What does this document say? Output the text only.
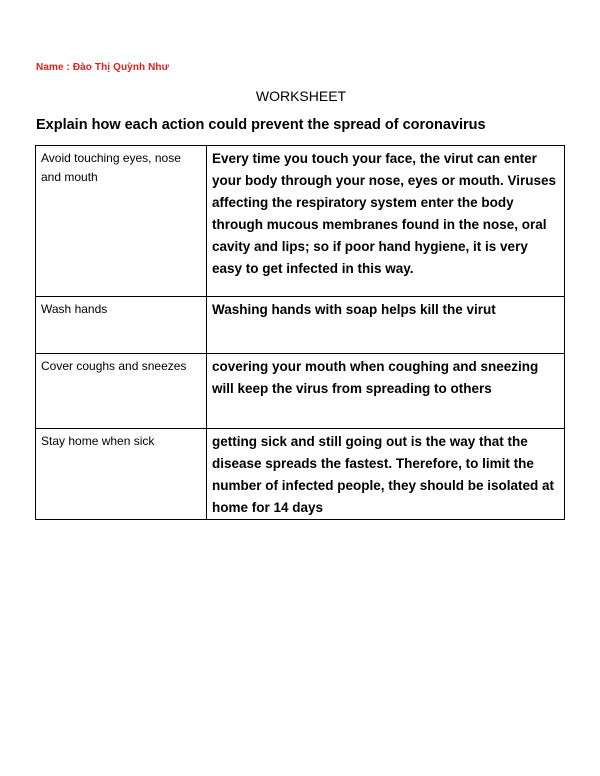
Name : Đào Thị Quỳnh Như
WORKSHEET
Explain how each action could prevent the spread of coronavirus
Avoid touching eyes, nose and mouth	Every time you touch your face, the virut can enter your body through your nose, eyes or mouth. Viruses affecting the respiratory system enter the body through mucous membranes found in the nose, oral cavity and lips; so if poor hand hygiene, it is very easy to get infected in this way.
Wash hands	Washing hands with soap helps kill the virut
Cover coughs and sneezes	covering your mouth when coughing and sneezing will keep the virus from spreading to others
Stay home when sick	getting sick and still going out is the way that the disease spreads the fastest. Therefore, to limit the number of infected people, they should be isolated at home for 14 days
